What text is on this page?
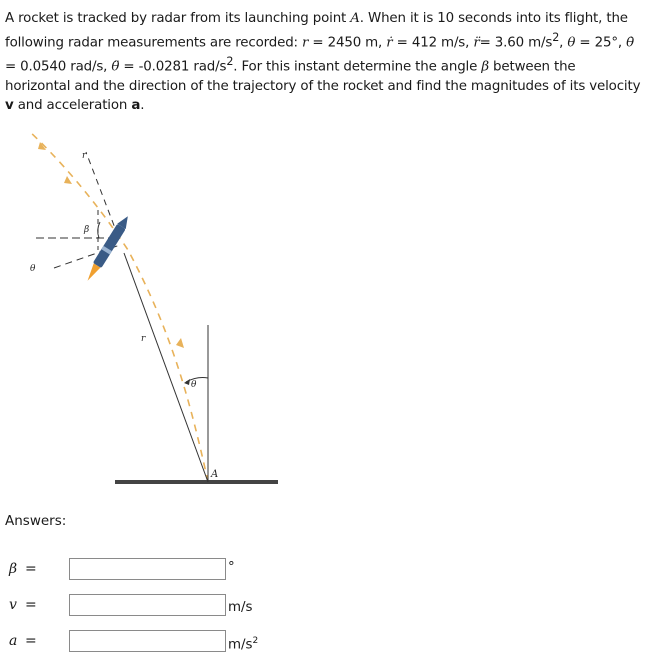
A rocket is tracked by radar from its launching point A. When it is 10 seconds into its flight, the following radar measurements are recorded: r = 2450 m, ṙ = 412 m/s, r̈= 3.60 $m/s^2$, θ = 25°, θ̇ = 0.0540 rad/s, θ̈ = -0.0281 rad/$s^2$. For this instant determine the angle β between the horizontal and the direction of the trajectory of the rocket and find the magnitudes of its velocity v and acceleration a.
r
β
θ
r
θ
A
Answers:
β =	°
v =	m/s
a =	$m/s^2$
